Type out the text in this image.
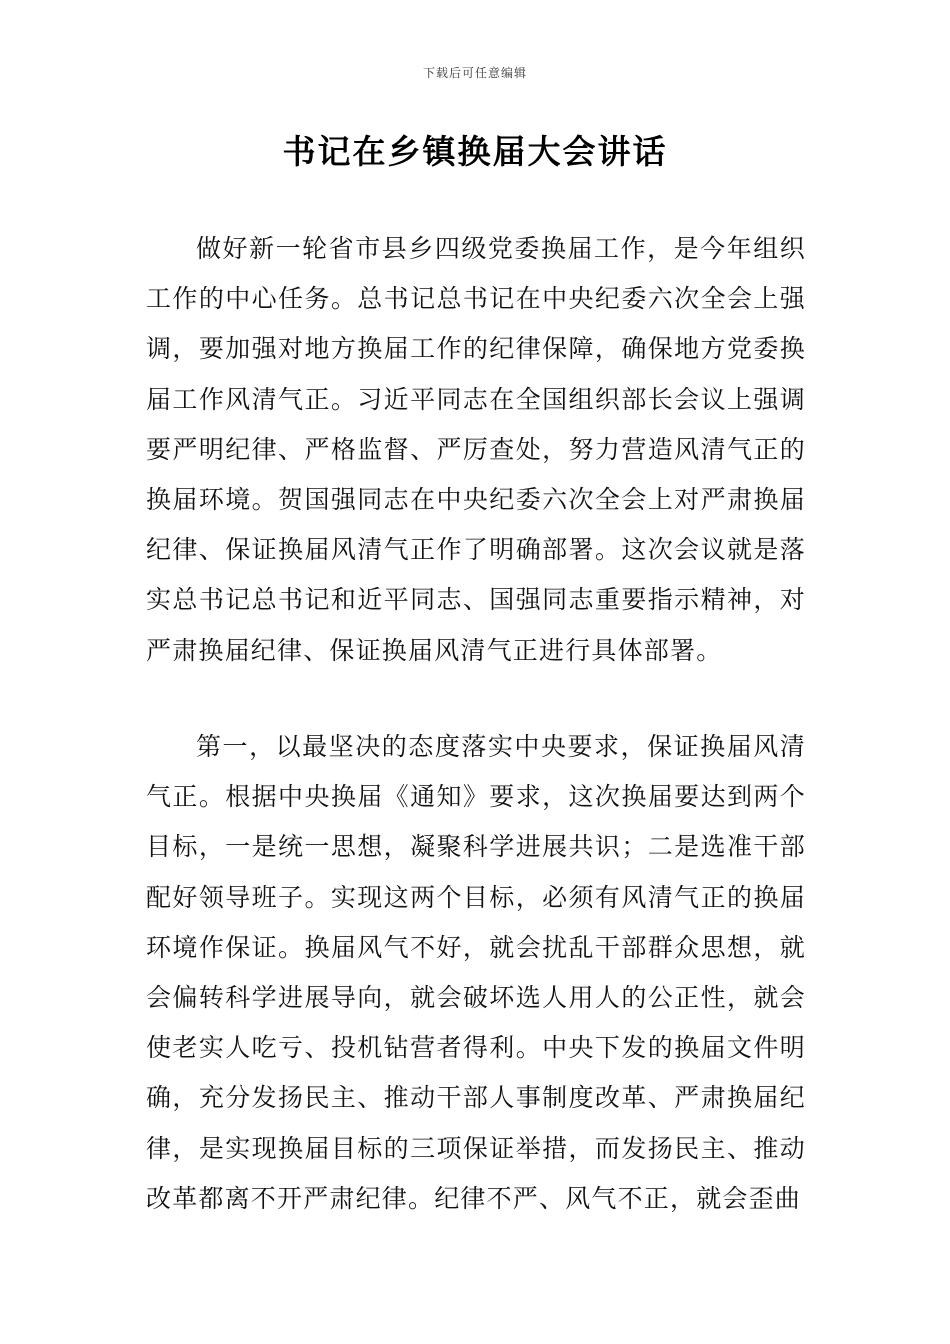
下载后可任意编辑
书记在乡镇换届大会讲话

做好新一轮省市县乡四级党委换届工作，是今年组织工作的中心任务。总书记总书记在中央纪委六次全会上强调，要加强对地方换届工作的纪律保障，确保地方党委换届工作风清气正。习近平同志在全国组织部长会议上强调要严明纪律、严格监督、严厉查处，努力营造风清气正的换届环境。贺国强同志在中央纪委六次全会上对严肃换届纪律、保证换届风清气正作了明确部署。这次会议就是落实总书记总书记和近平同志、国强同志重要指示精神，对严肃换届纪律、保证换届风清气正进行具体部署。

第一，以最坚决的态度落实中央要求，保证换届风清气正。根据中央换届《通知》要求，这次换届要达到两个目标，一是统一思想，凝聚科学进展共识；二是选准干部配好领导班子。实现这两个目标，必须有风清气正的换届环境作保证。换届风气不好，就会扰乱干部群众思想，就会偏转科学进展导向，就会破坏选人用人的公正性，就会使老实人吃亏、投机钻营者得利。中央下发的换届文件明确，充分发扬民主、推动干部人事制度改革、严肃换届纪律，是实现换届目标的三项保证举措，而发扬民主、推动改革都离不开严肃纪律。纪律不严、风气不正，就会歪曲
